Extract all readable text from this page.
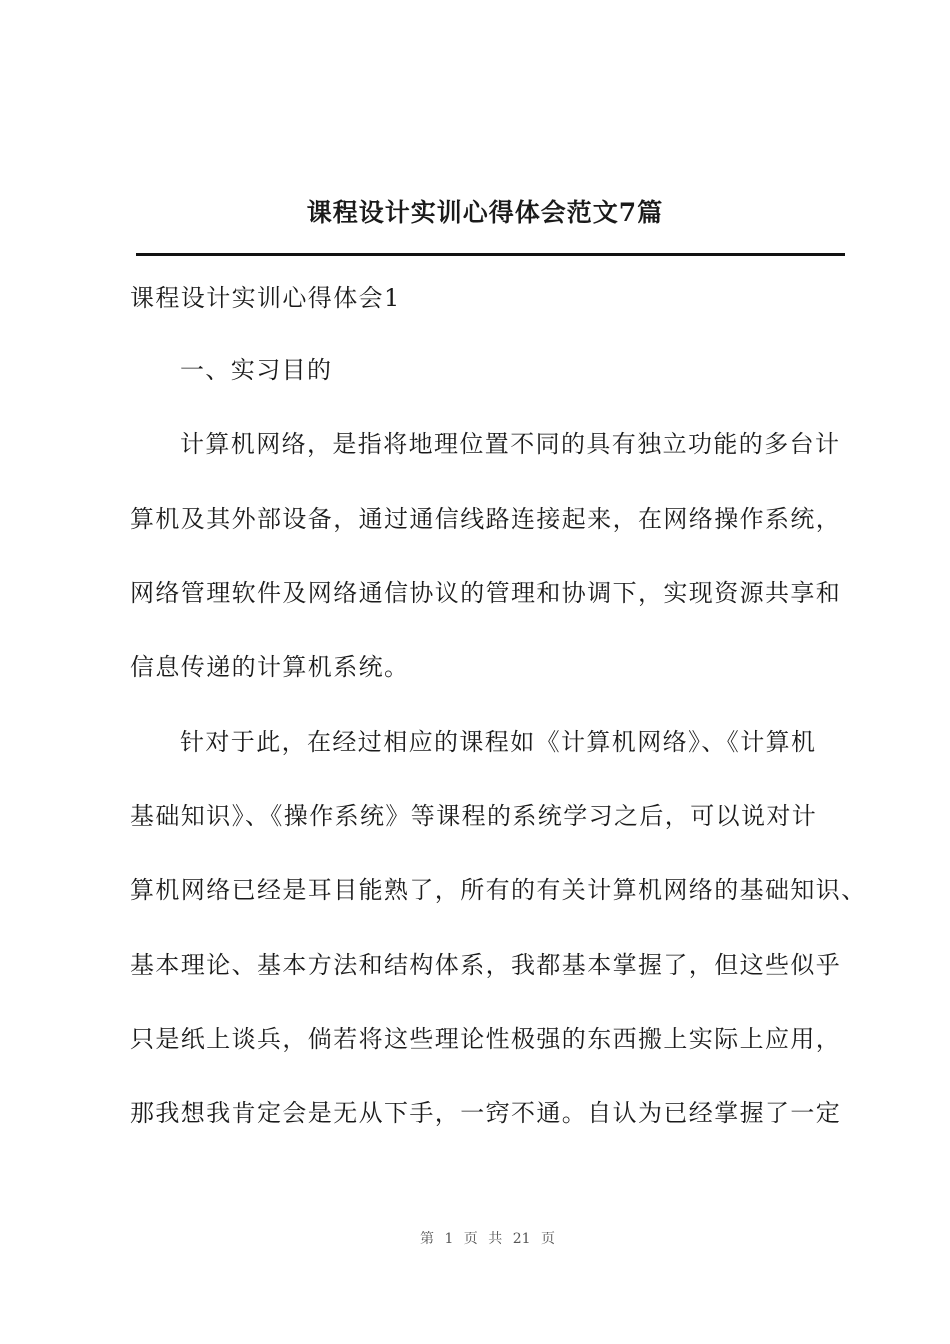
课程设计实训心得体会范文7篇
课程设计实训心得体会1
一、实习目的
计算机网络，是指将地理位置不同的具有独立功能的多台计
算机及其外部设备，通过通信线路连接起来，在网络操作系统，
网络管理软件及网络通信协议的管理和协调下，实现资源共享和
信息传递的计算机系统。
针对于此，在经过相应的课程如《计算机网络》、《计算机
基础知识》、《操作系统》等课程的系统学习之后，可以说对计
算机网络已经是耳目能熟了，所有的有关计算机网络的基础知识、
基本理论、基本方法和结构体系，我都基本掌握了，但这些似乎
只是纸上谈兵，倘若将这些理论性极强的东西搬上实际上应用，
那我想我肯定会是无从下手，一窍不通。自认为已经掌握了一定
第 1 页 共 21 页
